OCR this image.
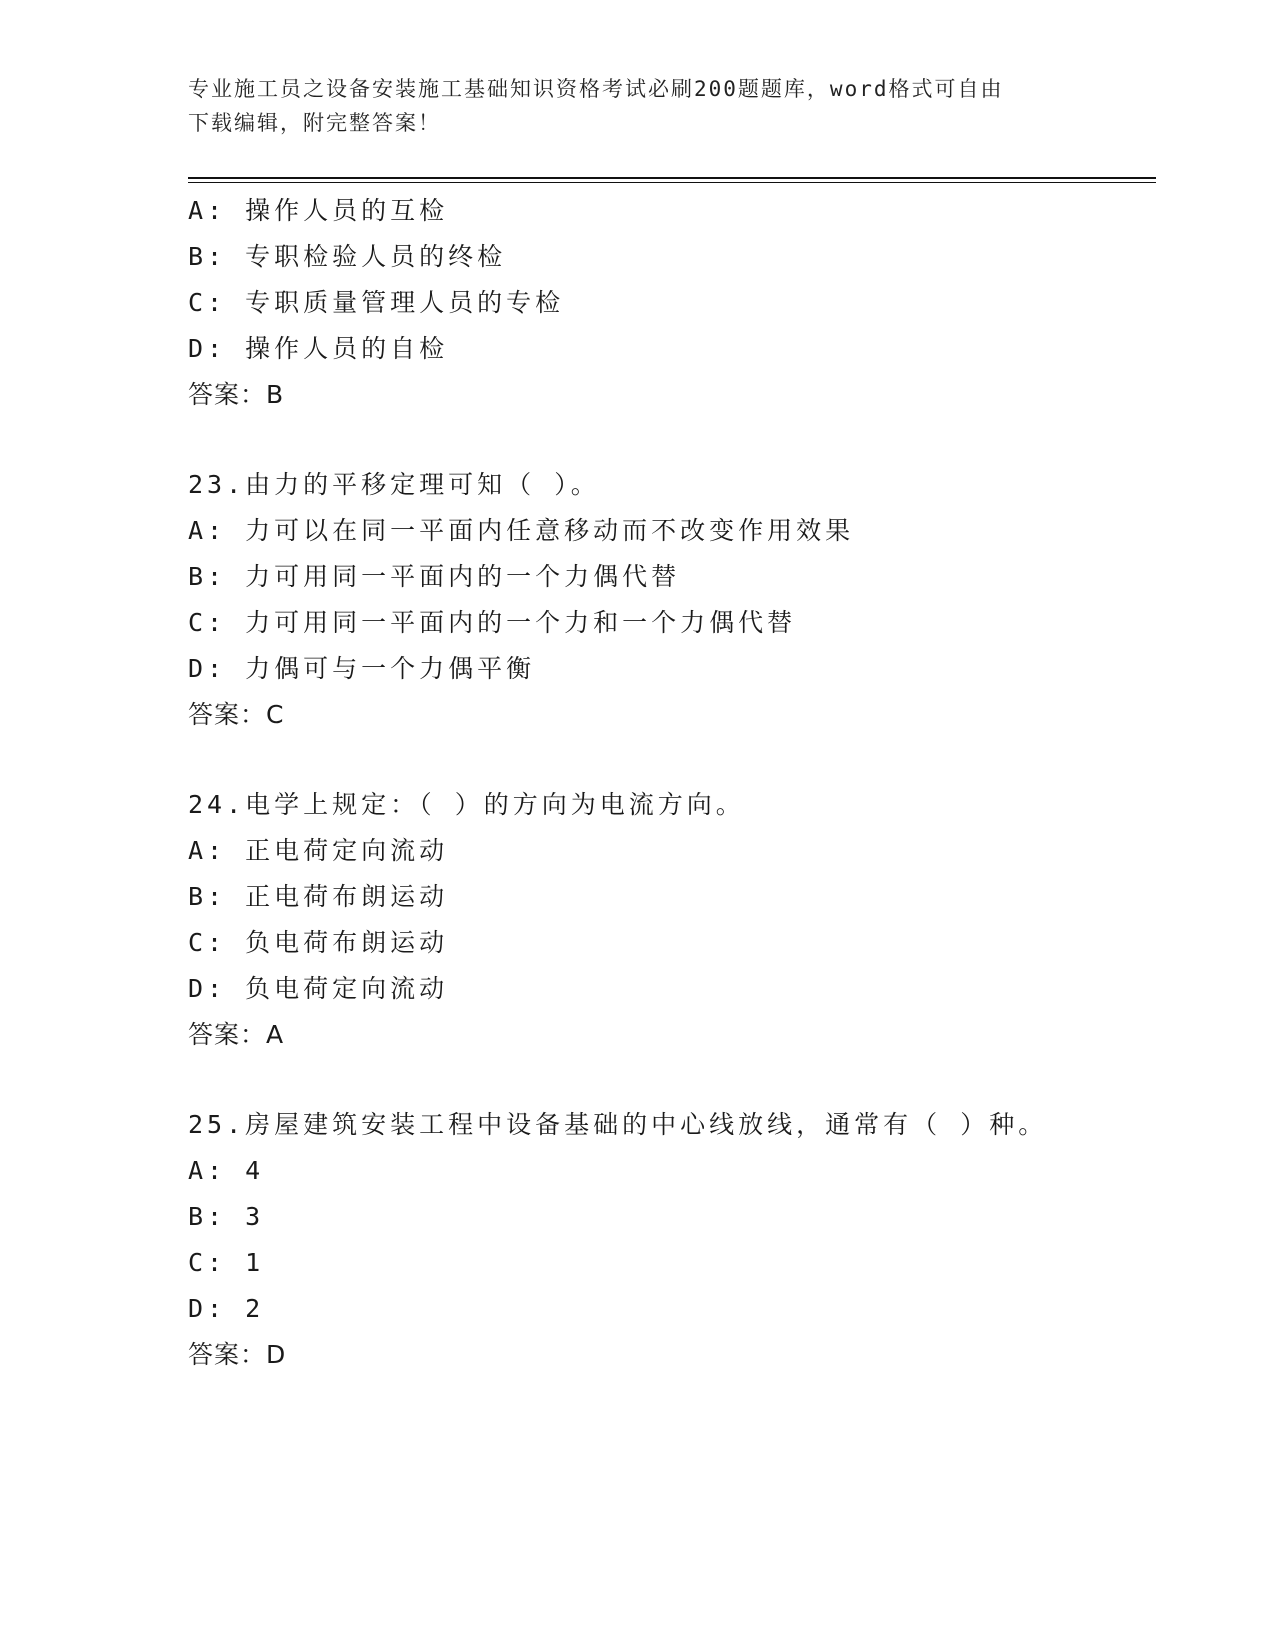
专业施工员之设备安装施工基础知识资格考试必刷200题题库，word格式可自由
下载编辑，附完整答案！
A: 操作人员的互检
B: 专职检验人员的终检
C: 专职质量管理人员的专检
D: 操作人员的自检
答案：B
23.由力的平移定理可知（ ）。
A: 力可以在同一平面内任意移动而不改变作用效果
B: 力可用同一平面内的一个力偶代替
C: 力可用同一平面内的一个力和一个力偶代替
D: 力偶可与一个力偶平衡
答案：C
24.电学上规定：（ ）的方向为电流方向。
A: 正电荷定向流动
B: 正电荷布朗运动
C: 负电荷布朗运动
D: 负电荷定向流动
答案：A
25.房屋建筑安装工程中设备基础的中心线放线，通常有（ ）种。
A: 4
B: 3
C: 1
D: 2
答案：D
